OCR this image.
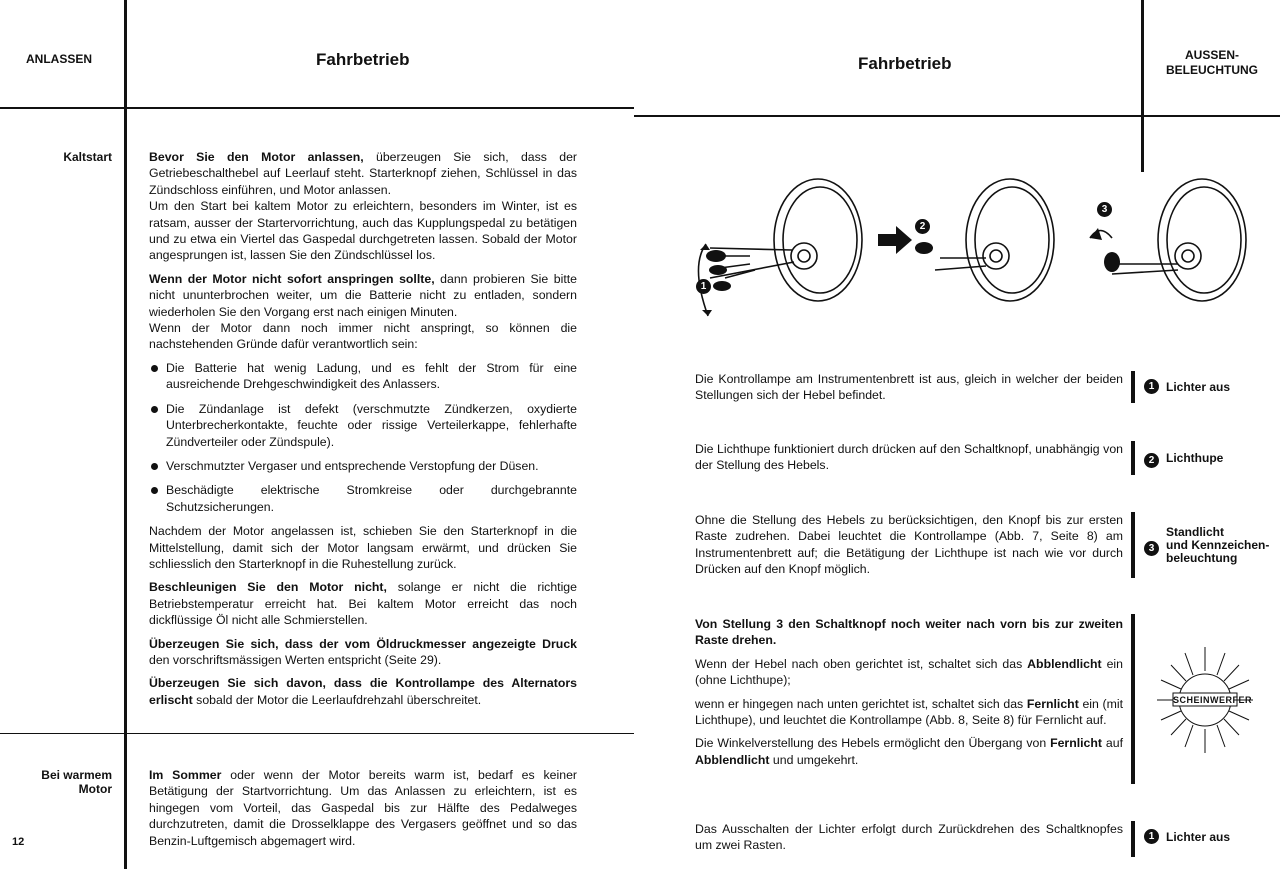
ANLASSEN	Fahrbetrieb
Kaltstart
Bei warmem
Motor
12

Bevor Sie den Motor anlassen, überzeugen Sie sich, dass der Getriebeschalthebel auf Leerlauf steht. Starterknopf ziehen, Schlüssel in das Zündschloss einführen, und Motor anlassen.
Um den Start bei kaltem Motor zu erleichtern, besonders im Winter, ist es ratsam, ausser der Startervorrichtung, auch das Kupplungspedal zu betätigen und zu etwa ein Viertel das Gaspedal durchgetreten lassen. Sobald der Motor angesprungen ist, lassen Sie den Zündschlüssel los.

Wenn der Motor nicht sofort anspringen sollte, dann probieren Sie bitte nicht ununterbrochen weiter, um die Batterie nicht zu entladen, sondern wiederholen Sie den Vorgang erst nach einigen Minuten.
Wenn der Motor dann noch immer nicht anspringt, so können die nachstehenden Gründe dafür verantwortlich sein:

Die Batterie hat wenig Ladung, und es fehlt der Strom für eine ausreichende Drehgeschwindigkeit des Anlassers.
Die Zündanlage ist defekt (verschmutzte Zündkerzen, oxydierte Unterbrecherkontakte, feuchte oder rissige Verteilerkappe, fehlerhafte Zündverteiler oder Zündspule).
Verschmutzter Vergaser und entsprechende Verstopfung der Düsen.
Beschädigte elektrische Stromkreise oder durchgebrannte Schutzsicherungen.

Nachdem der Motor angelassen ist, schieben Sie den Starterknopf in die Mittelstellung, damit sich der Motor langsam erwärmt, und drücken Sie schliesslich den Starterknopf in die Ruhestellung zurück.

Beschleunigen Sie den Motor nicht, solange er nicht die richtige Betriebstemperatur erreicht hat. Bei kaltem Motor erreicht das noch dickflüssige Öl nicht alle Schmierstellen.

Überzeugen Sie sich, dass der vom Öldruckmesser angezeigte Druck den vorschriftsmässigen Werten entspricht (Seite 29).

Überzeugen Sie sich davon, dass die Kontrollampe des Alternators erlischt sobald der Motor die Leerlaufdrehzahl überschreitet.

Im Sommer oder wenn der Motor bereits warm ist, bedarf es keiner Betätigung der Startvorrichtung. Um das Anlassen zu erleichtern, ist es hingegen vom Vorteil, das Gaspedal bis zur Hälfte des Pedalweges durchzutreten, damit die Drosselklappe des Vergasers geöffnet und so das Benzin-Luftgemisch abgemagert wird.

Fahrbetrieb	AUSSEN-
BELEUCHTUNG
1
2
3
Die Kontrollampe am Instrumentenbrett ist aus, gleich in welcher der beiden Stellungen sich der Hebel befindet.
1 Lichter aus
Die Lichthupe funktioniert durch drücken auf den Schaltknopf, unabhängig von der Stellung des Hebels.	2 Lichthupe
Ohne die Stellung des Hebels zu berücksichtigen, den Knopf bis zur ersten Raste zudrehen. Dabei leuchtet die Kontrollampe (Abb. 7, Seite 8) am Instrumentenbrett auf; die Betätigung der Lichthupe ist nach wie vor durch Drücken auf den Knopf möglich.
3
Standlicht
und Kennzeichen-
beleuchtung

Von Stellung 3 den Schaltknopf noch weiter nach vorn bis zur zweiten Raste drehen.

Wenn der Hebel nach oben gerichtet ist, schaltet sich das Abblendlicht ein (ohne Lichthupe);

wenn er hingegen nach unten gerichtet ist, schaltet sich das Fernlicht ein (mit Lichthupe), und leuchtet die Kontrollampe (Abb. 8, Seite 8) für Fernlicht auf.

Die Winkelverstellung des Hebels ermöglicht den Übergang von Fernlicht auf Abblendlicht und umgekehrt.

SCHEINWERFER
Das Ausschalten der Lichter erfolgt durch Zurückdrehen des Schaltknopfes um zwei Rasten.
1 Lichter aus
